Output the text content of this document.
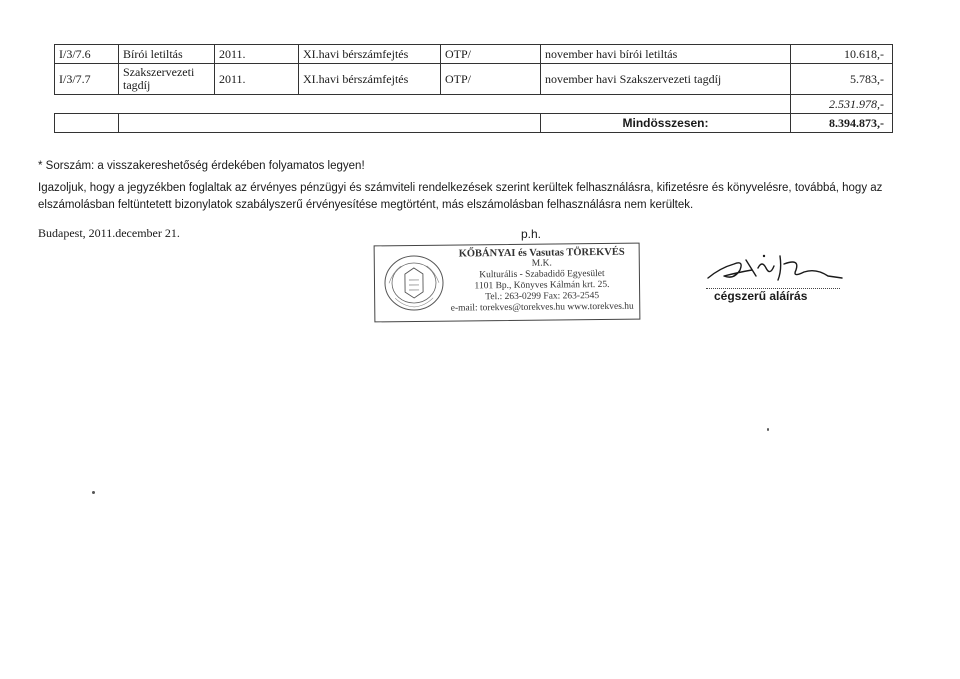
I/3/7.6	Bírói letiltás	2011.	XI.havi bérszámfejtés	OTP/	november havi bírói letiltás	10.618,-
I/3/7.7	Szakszervezeti tagdíj	2011.	XI.havi bérszámfejtés	OTP/	november havi Szakszervezeti tagdíj	5.783,-
						2.531.978,-
					Mindösszesen:	8.394.873,-
* Sorszám: a visszakereshetőség érdekében folyamatos legyen!
Igazoljuk, hogy a jegyzékben foglaltak az érvényes pénzügyi és számviteli rendelkezések szerint kerültek felhasználásra, kifizetésre és könyvelésre, továbbá, hogy az elszámolásban feltüntetett bizonylatok szabályszerű érvényesítése megtörtént, más elszámolásban felhasználásra nem kerültek.
Budapest, 2011.december 21.	p.h.
KŐBÁNYAI és Vasutas TÖREKVÉS
M.K.
Kulturális - Szabadidő Egyesület
1101 Bp., Könyves Kálmán krt. 25.
Tel.: 263-0299 Fax: 263-2545
e-mail: torekves@torekves.hu www.torekves.hu
cégszerű aláírás
